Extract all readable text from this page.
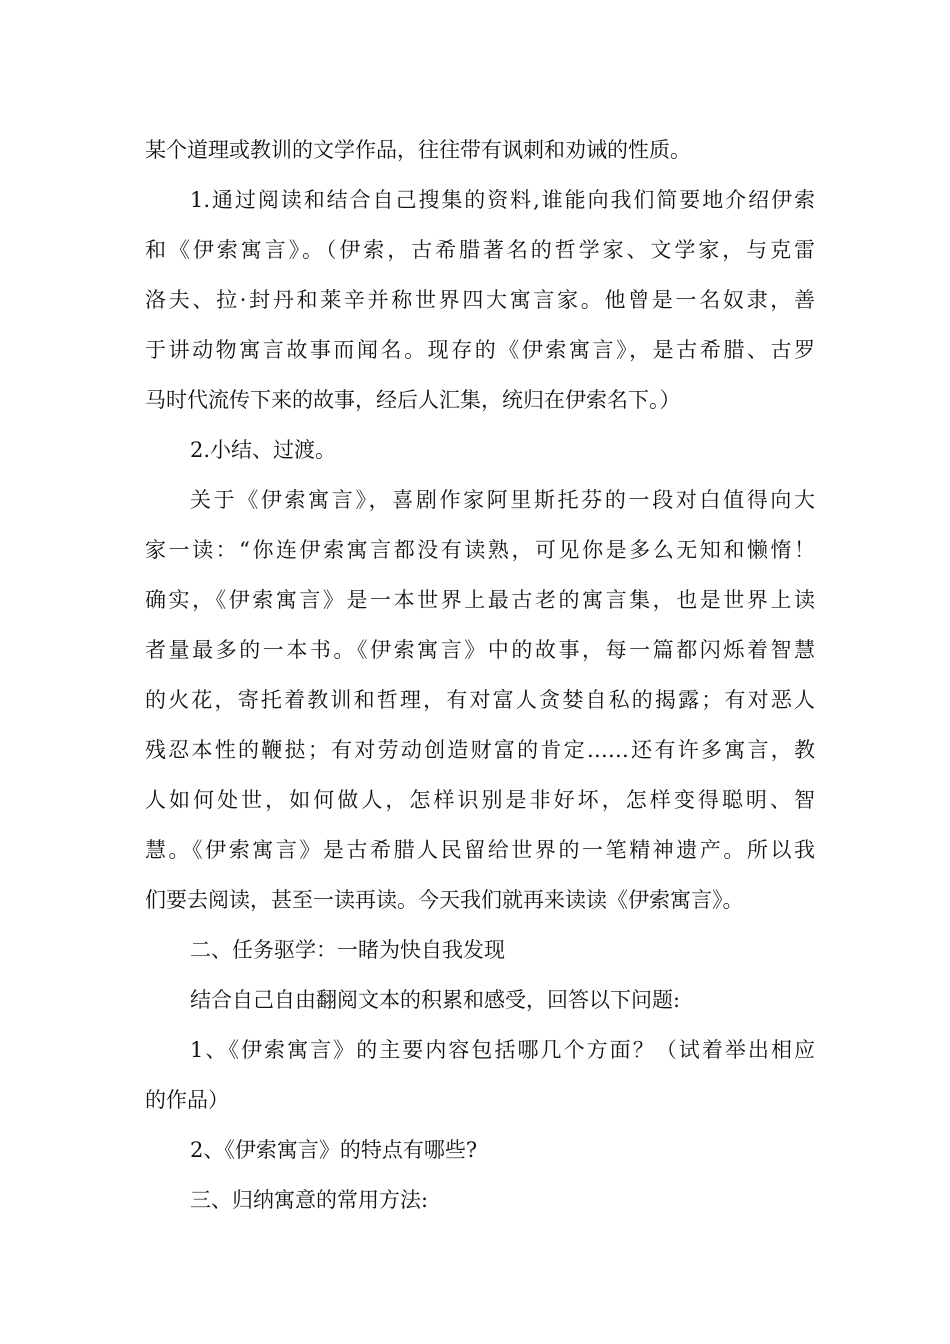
某个道理或教训的文学作品，往往带有讽刺和劝诫的性质。

1.通过阅读和结合自己搜集的资料,谁能向我们简要地介绍伊索

和《伊索寓言》。（伊索，古希腊著名的哲学家、文学家，与克雷

洛夫、拉·封丹和莱辛并称世界四大寓言家。他曾是一名奴隶，善

于讲动物寓言故事而闻名。现存的《伊索寓言》，是古希腊、古罗

马时代流传下来的故事，经后人汇集，统归在伊索名下。）

2.小结、过渡。

关于《伊索寓言》，喜剧作家阿里斯托芬的一段对白值得向大

家一读：“你连伊索寓言都没有读熟，可见你是多么无知和懒惰！

确实，《伊索寓言》是一本世界上最古老的寓言集，也是世界上读

者量最多的一本书。《伊索寓言》中的故事，每一篇都闪烁着智慧

的火花，寄托着教训和哲理，有对富人贪婪自私的揭露；有对恶人

残忍本性的鞭挞；有对劳动创造财富的肯定……还有许多寓言，教

人如何处世，如何做人，怎样识别是非好坏，怎样变得聪明、智

慧。《伊索寓言》是古希腊人民留给世界的一笔精神遗产。所以我

们要去阅读，甚至一读再读。今天我们就再来读读《伊索寓言》。

二、任务驱学：一睹为快自我发现

结合自己自由翻阅文本的积累和感受，回答以下问题:

1、《伊索寓言》的主要内容包括哪几个方面？（试着举出相应

的作品）

2、《伊索寓言》的特点有哪些?

三、归纳寓意的常用方法:
